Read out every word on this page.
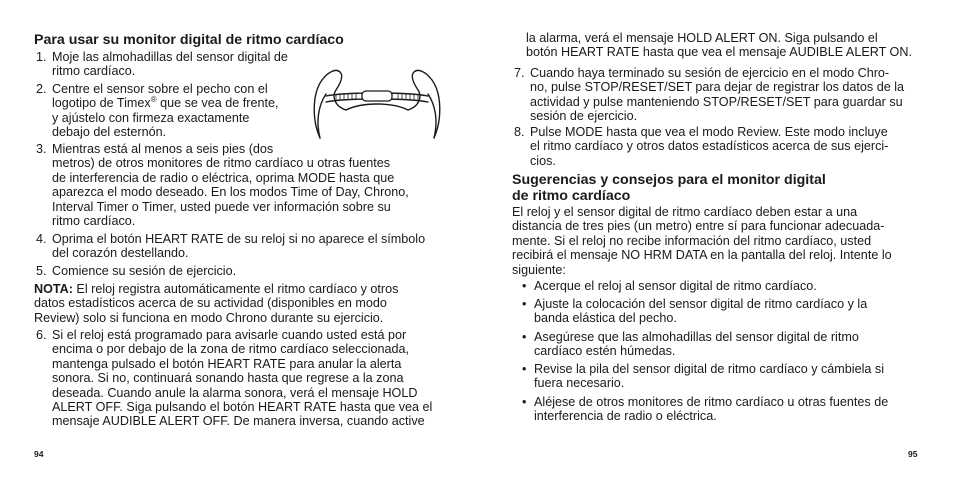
Para usar su monitor digital de ritmo cardíaco

1. Moje las almohadillas del sensor digital de
ritmo cardíaco.
2. Centre el sensor sobre el pecho con el
logotipo de Timex® que se vea de frente,
y ajústelo con firmeza exactamente
debajo del esternón.
3. Mientras está al menos a seis pies (dos
metros) de otros monitores de ritmo cardíaco u otras fuentes
de interferencia de radio o eléctrica, oprima MODE hasta que
aparezca el modo deseado. En los modos Time of Day, Chrono,
Interval Timer o Timer, usted puede ver información sobre su
ritmo cardíaco.
4. Oprima el botón HEART RATE de su reloj si no aparece el símbolo
del corazón destellando.
5. Comience su sesión de ejercicio.
NOTA: El reloj registra automáticamente el ritmo cardíaco y otros
datos estadísticos acerca de su actividad (disponibles en modo
Review) solo si funciona en modo Chrono durante su ejercicio.
6. Si el reloj está programado para avisarle cuando usted está por
encima o por debajo de la zona de ritmo cardíaco seleccionada,
mantenga pulsado el botón HEART RATE para anular la alerta
sonora. Si no, continuará sonando hasta que regrese a la zona
deseada. Cuando anule la alarma sonora, verá el mensaje HOLD
ALERT OFF. Siga pulsando el botón HEART RATE hasta que vea el
mensaje AUDIBLE ALERT OFF. De manera inversa, cuando active
94
la alarma, verá el mensaje HOLD ALERT ON. Siga pulsando el
botón HEART RATE hasta que vea el mensaje AUDIBLE ALERT ON.
7. Cuando haya terminado su sesión de ejercicio en el modo Chro-
no, pulse STOP/RESET/SET para dejar de registrar los datos de la
actividad y pulse manteniendo STOP/RESET/SET para guardar su
sesión de ejercicio.
8. Pulse MODE hasta que vea el modo Review. Este modo incluye
el ritmo cardíaco y otros datos estadísticos acerca de sus ejerci-
cios.

Sugerencias y consejos para el monitor digital

de ritmo cardíaco

El reloj y el sensor digital de ritmo cardíaco deben estar a una
distancia de tres pies (un metro) entre sí para funcionar adecuada-
mente. Si el reloj no recibe información del ritmo cardíaco, usted
recibirá el mensaje NO HRM DATA en la pantalla del reloj. Intente lo
siguiente:
• Acerque el reloj al sensor digital de ritmo cardíaco.
• Ajuste la colocación del sensor digital de ritmo cardíaco y la
banda elástica del pecho.
• Asegúrese que las almohadillas del sensor digital de ritmo
cardíaco estén húmedas.
• Revise la pila del sensor digital de ritmo cardíaco y cámbiela si
fuera necesario.
• Aléjese de otros monitores de ritmo cardíaco u otras fuentes de
interferencia de radio o eléctrica.
95
